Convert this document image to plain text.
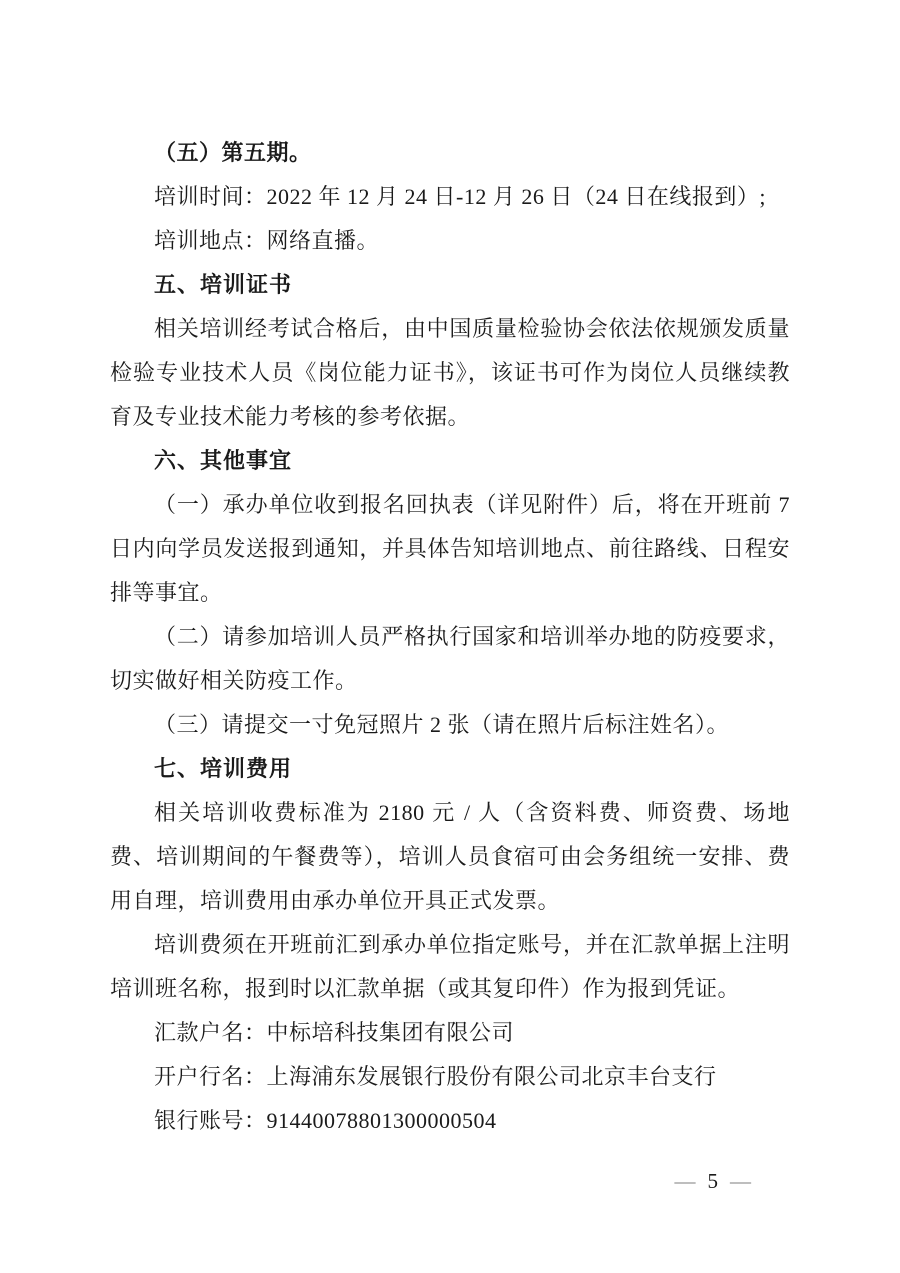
（五）第五期。
培训时间：2022 年 12 月 24 日-12 月 26 日（24 日在线报到）;
培训地点：网络直播。
五、培训证书
相关培训经考试合格后，由中国质量检验协会依法依规颁发质量检验专业技术人员《岗位能力证书》，该证书可作为岗位人员继续教育及专业技术能力考核的参考依据。
六、其他事宜
（一）承办单位收到报名回执表（详见附件）后，将在开班前 7 日内向学员发送报到通知，并具体告知培训地点、前往路线、日程安排等事宜。
（二）请参加培训人员严格执行国家和培训举办地的防疫要求，切实做好相关防疫工作。
（三）请提交一寸免冠照片 2 张（请在照片后标注姓名）。
七、培训费用
相关培训收费标准为 2180 元 / 人（含资料费、师资费、场地费、培训期间的午餐费等），培训人员食宿可由会务组统一安排、费用自理，培训费用由承办单位开具正式发票。
培训费须在开班前汇到承办单位指定账号，并在汇款单据上注明培训班名称，报到时以汇款单据（或其复印件）作为报到凭证。
汇款户名：中标培科技集团有限公司
开户行名：上海浦东发展银行股份有限公司北京丰台支行
银行账号：91440078801300000504
— 5 —
